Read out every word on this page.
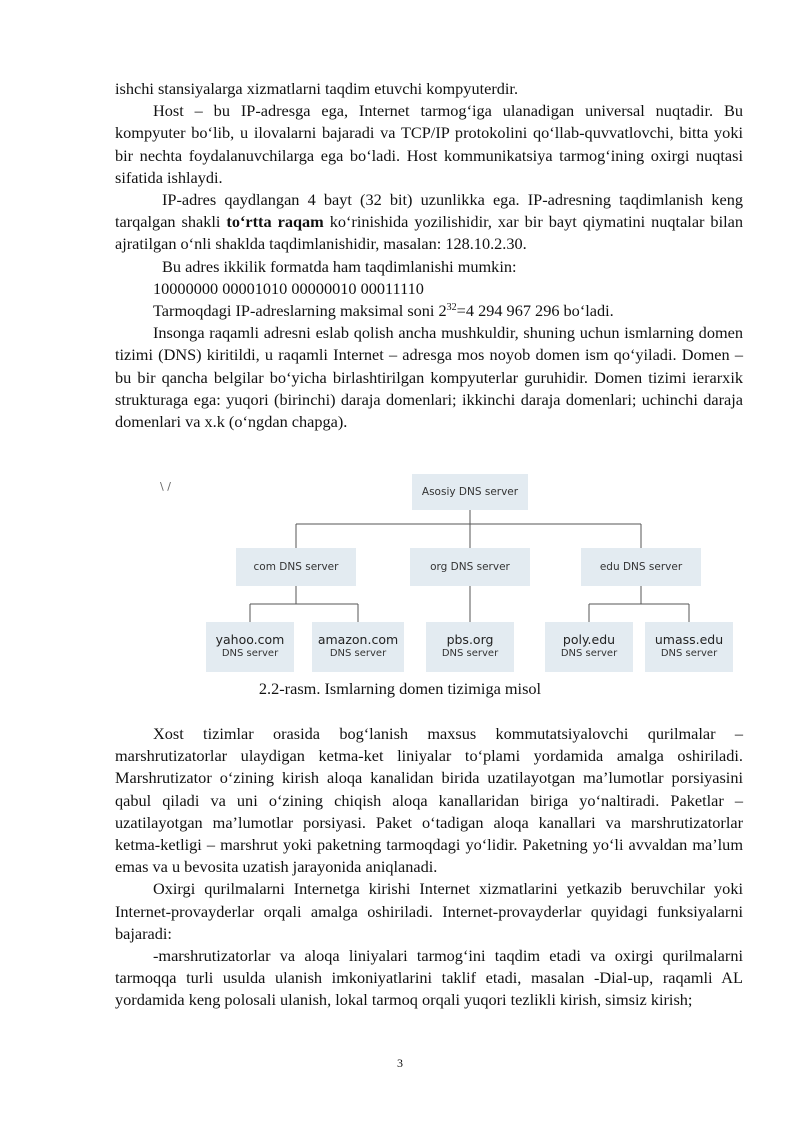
ishchi stansiyalarga xizmatlarni taqdim etuvchi kompyuterdir.

Host – bu IP-adresga ega, Internet tarmog‘iga ulanadigan universal nuqtadir. Bu kompyuter bo‘lib, u ilovalarni bajaradi va TCP/IP protokolini qo‘llab-quvvatlovchi, bitta yoki bir nechta foydalanuvchilarga ega bo‘ladi. Host kommunikatsiya tarmog‘ining oxirgi nuqtasi sifatida ishlaydi.

IP-adres qaydlangan 4 bayt (32 bit) uzunlikka ega. IP-adresning taqdimlanish keng tarqalgan shakli to‘rtta raqam ko‘rinishida yozilishidir, xar bir bayt qiymatini nuqtalar bilan ajratilgan o‘nli shaklda taqdimlanishidir, masalan: 128.10.2.30.

Bu adres ikkilik formatda ham taqdimlanishi mumkin:

10000000 00001010 00000010 00011110

Tarmoqdagi IP-adreslarning maksimal soni $2^{32}=4$ 294 967 296 bo‘ladi.

Insonga raqamli adresni eslab qolish ancha mushkuldir, shuning uchun ismlarning domen tizimi (DNS) kiritildi, u raqamli Internet – adresga mos noyob domen ism qo‘yiladi. Domen – bu bir qancha belgilar bo‘yicha birlashtirilgan kompyuterlar guruhidir. Domen tizimi ierarxik strukturaga ega: yuqori (birinchi) daraja domenlari; ikkinchi daraja domenlari; uchinchi daraja domenlari va x.k (o‘ngdan chapga).

\ /	Asosiy DNS server
com DNS server	org DNS server	edu DNS server
yahoo.com
DNS server
amazon.com
DNS server
pbs.org
DNS server
poly.edu
DNS server
umass.edu
DNS server
2.2-rasm. Ismlarning domen tizimiga misol

Xost tizimlar orasida bog‘lanish maxsus kommutatsiyalovchi qurilmalar – marshrutizatorlar ulaydigan ketma-ket liniyalar to‘plami yordamida amalga oshiriladi. Marshrutizator o‘zining kirish aloqa kanalidan birida uzatilayotgan ma’lumotlar porsiyasini qabul qiladi va uni o‘zining chiqish aloqa kanallaridan biriga yo‘naltiradi. Paketlar – uzatilayotgan ma’lumotlar porsiyasi. Paket o‘tadigan aloqa kanallari va marshrutizatorlar ketma-ketligi – marshrut yoki paketning tarmoqdagi yo‘lidir. Paketning yo‘li avvaldan ma’lum emas va u bevosita uzatish jarayonida aniqlanadi.

Oxirgi qurilmalarni Internetga kirishi Internet xizmatlarini yetkazib beruvchilar yoki Internet-provayderlar orqali amalga oshiriladi. Internet-provayderlar quyidagi funksiyalarni bajaradi:

-marshrutizatorlar va aloqa liniyalari tarmog‘ini taqdim etadi va oxirgi qurilmalarni tarmoqqa turli usulda ulanish imkoniyatlarini taklif etadi, masalan -Dial-up, raqamli AL yordamida keng polosali ulanish, lokal tarmoq orqali yuqori tezlikli kirish, simsiz kirish;

3
